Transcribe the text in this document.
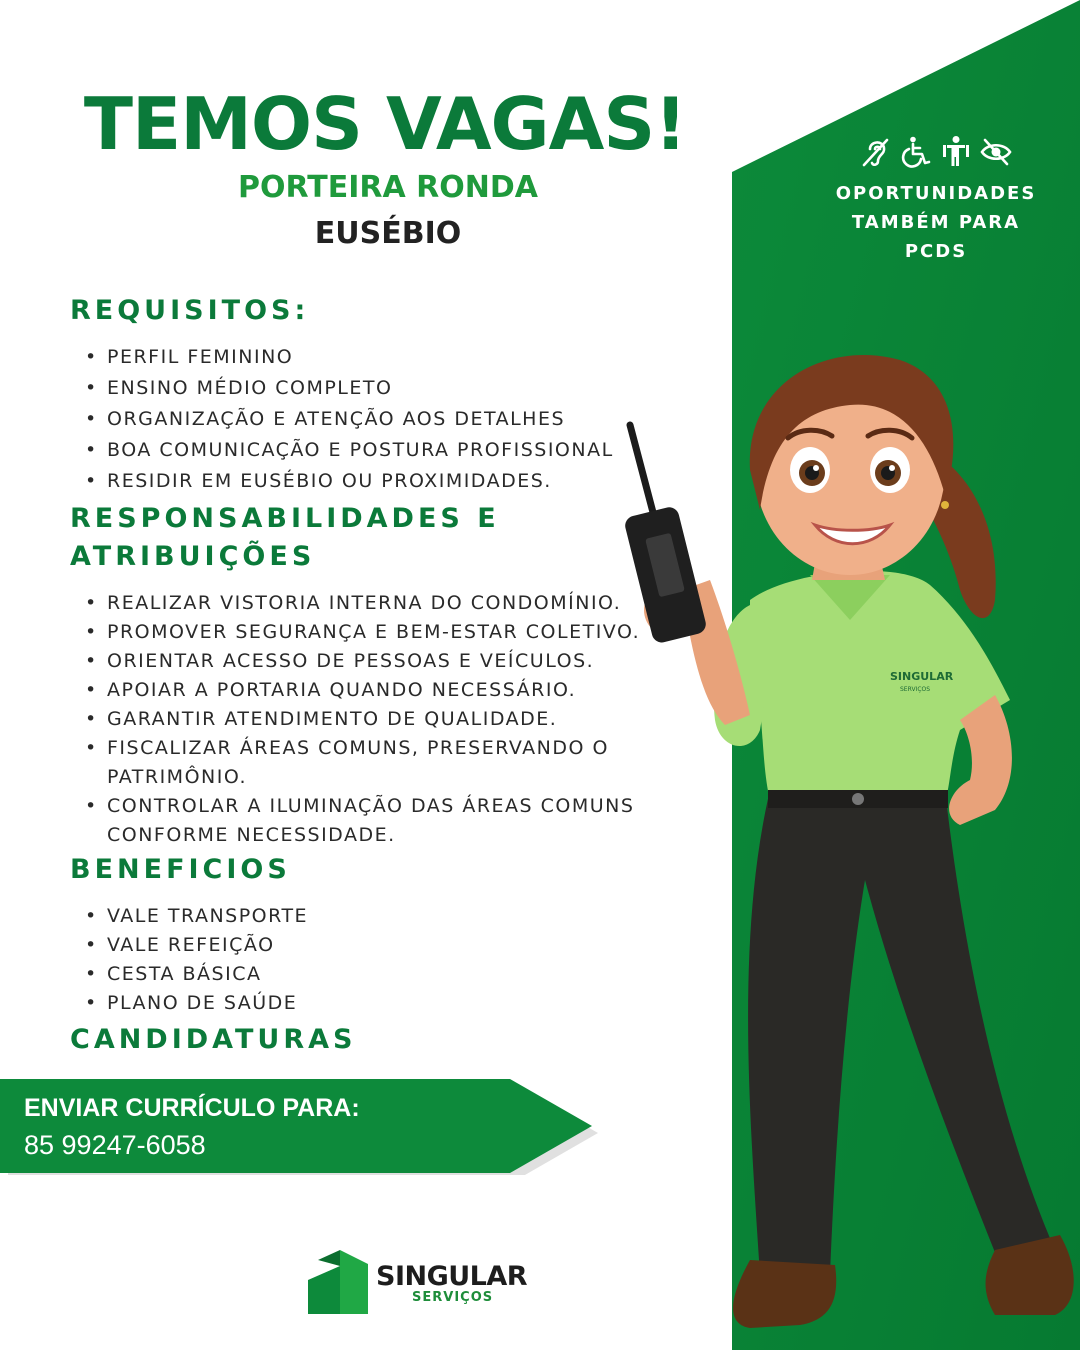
TEMOS VAGAS!
PORTEIRA RONDA
EUSÉBIO
OPORTUNIDADES
TAMBÉM PARA PCDS
REQUISITOS:
• PERFIL FEMININO
• ENSINO MÉDIO COMPLETO
• ORGANIZAÇÃO E ATENÇÃO AOS DETALHES
• BOA COMUNICAÇÃO E POSTURA PROFISSIONAL
• RESIDIR EM EUSÉBIO OU PROXIMIDADES.
RESPONSABILIDADES E
ATRIBUIÇÕES
• REALIZAR VISTORIA INTERNA DO CONDOMÍNIO.
• PROMOVER SEGURANÇA E BEM-ESTAR COLETIVO.
• ORIENTAR ACESSO DE PESSOAS E VEÍCULOS.
• APOIAR A PORTARIA QUANDO NECESSÁRIO.
• GARANTIR ATENDIMENTO DE QUALIDADE.
• FISCALIZAR ÁREAS COMUNS, PRESERVANDO O PATRIMÔNIO.
• CONTROLAR A ILUMINAÇÃO DAS ÁREAS COMUNS CONFORME NECESSIDADE.
BENEFICIOS
• VALE TRANSPORTE
• VALE REFEIÇÃO
• CESTA BÁSICA
• PLANO DE SAÚDE
CANDIDATURAS
ENVIAR CURRÍCULO PARA:
85 99247-6058
SINGULAR
SERVIÇOS
SINGULAR
SERVIÇOS
